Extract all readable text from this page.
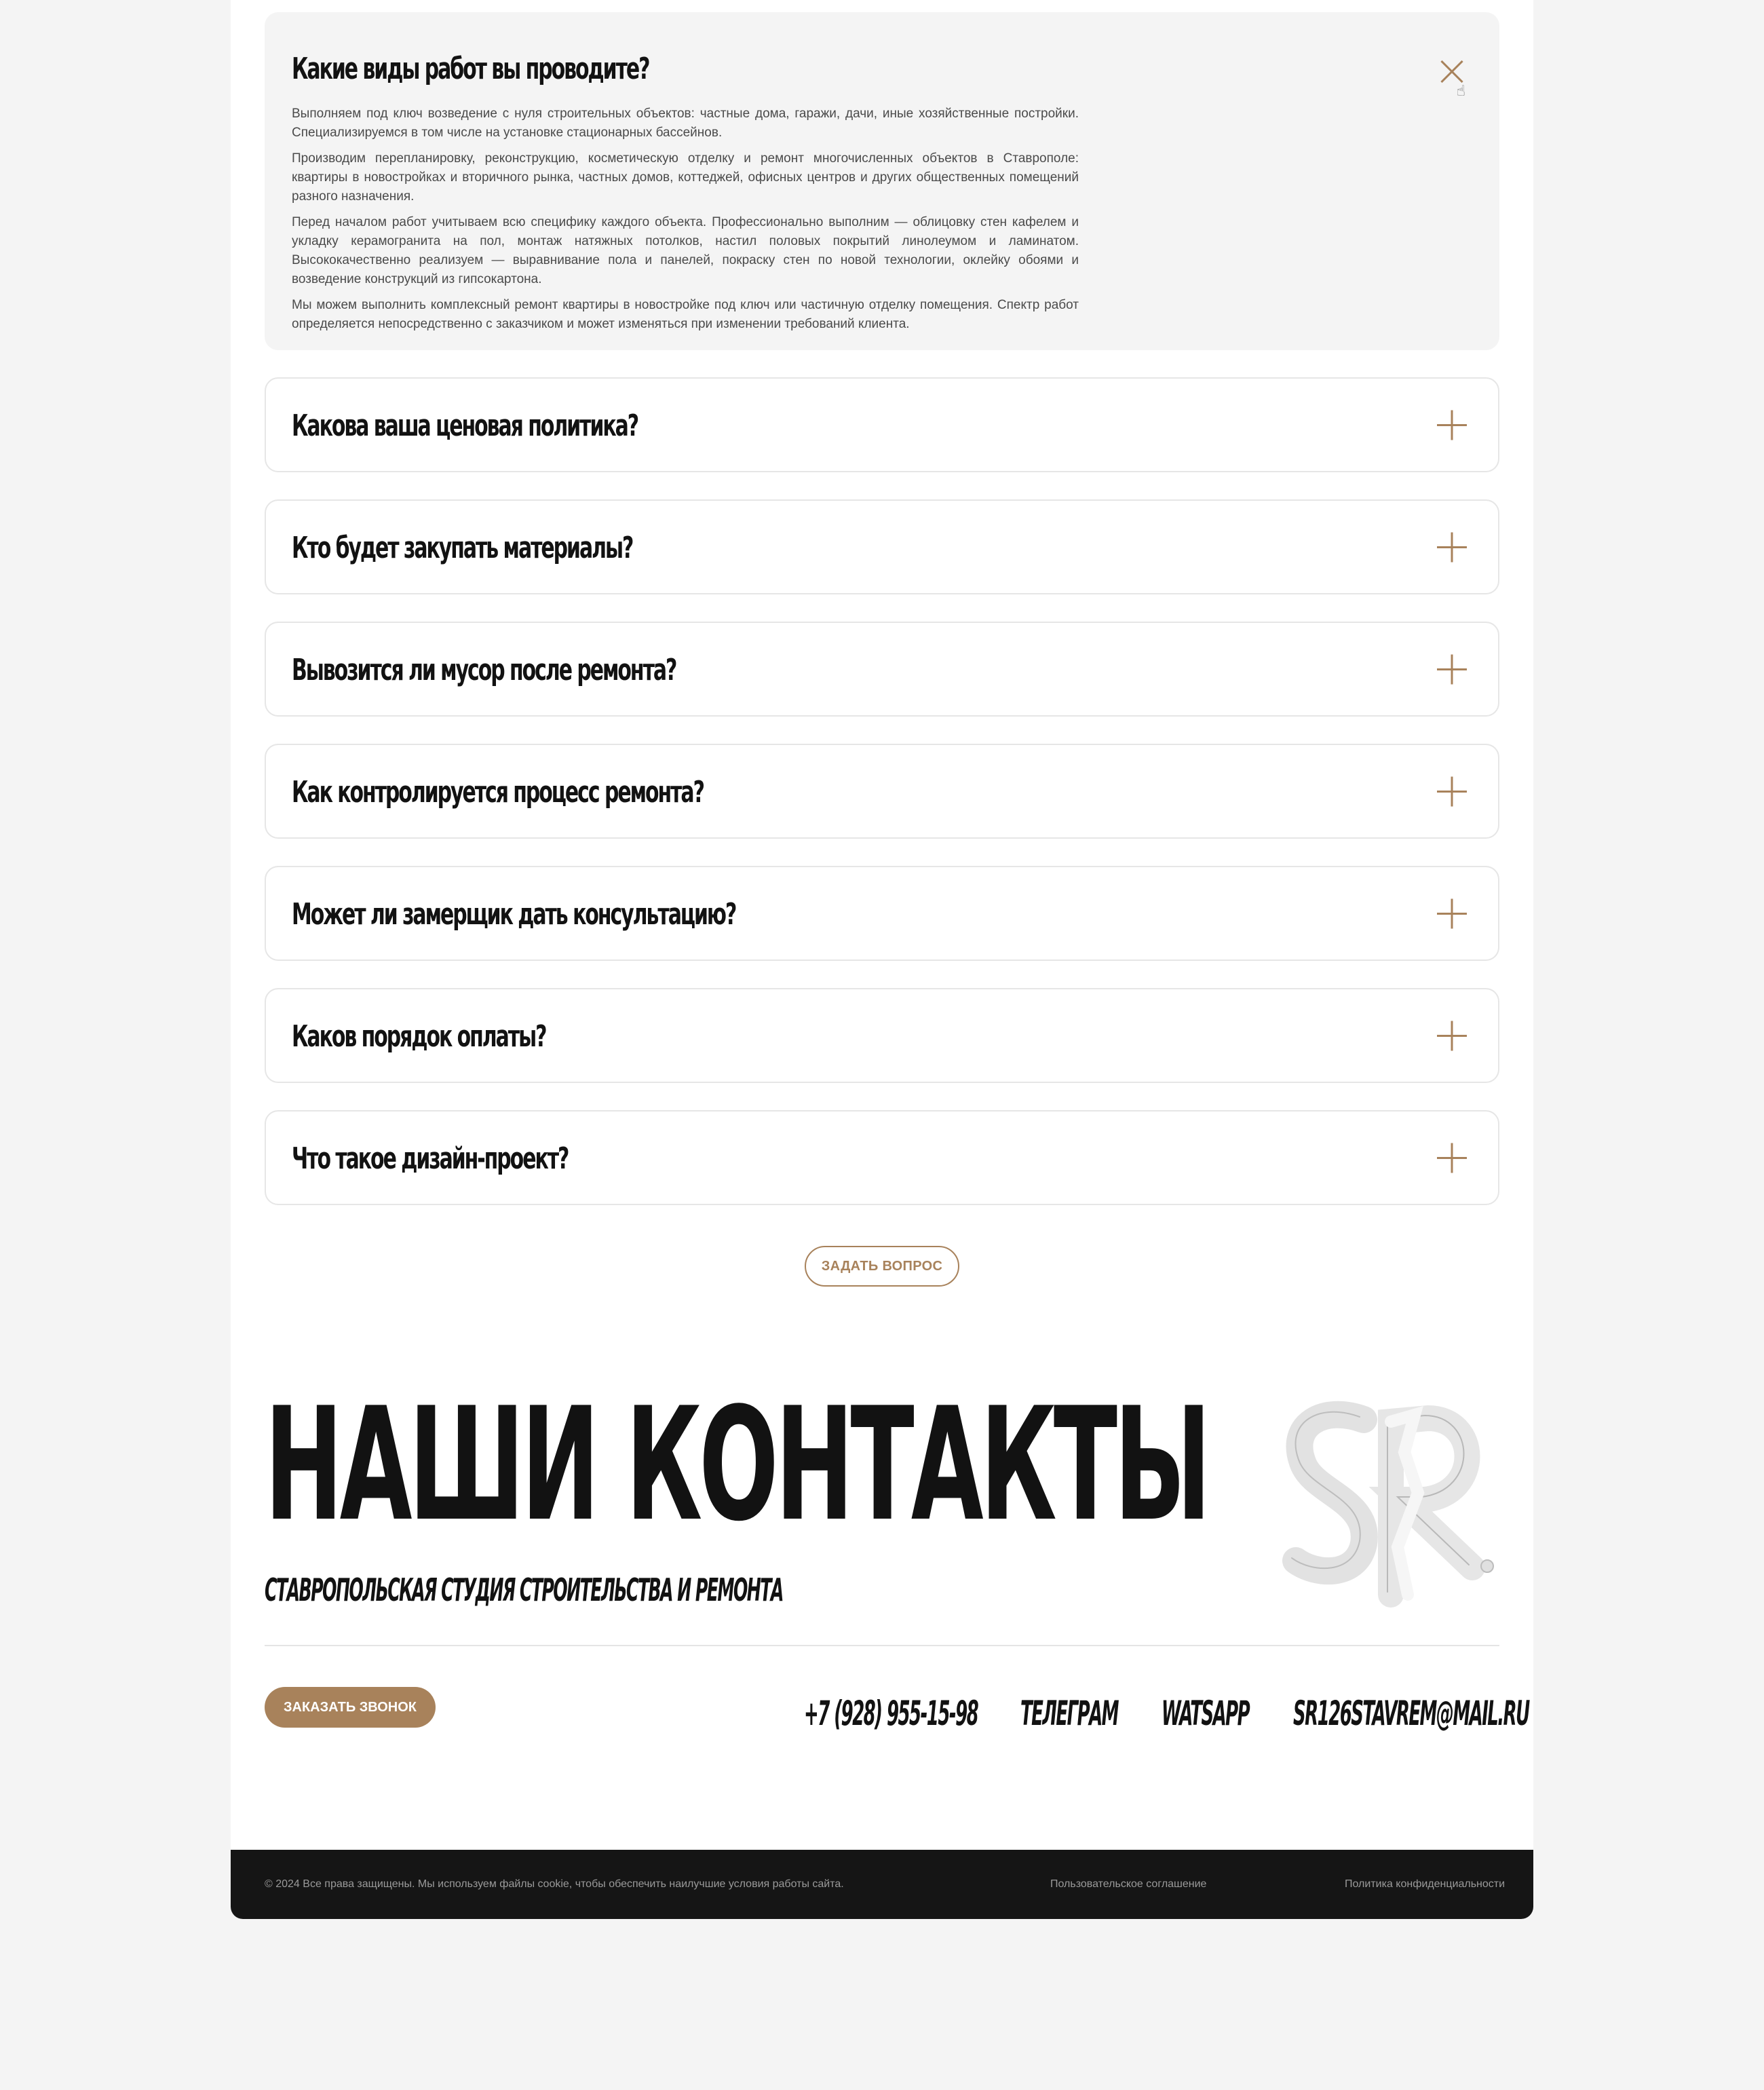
Какие виды работ вы проводите?
☝

Выполняем под ключ возведение с нуля строительных объектов: частные дома, гаражи, дачи, иные хозяйственные постройки. Специализируемся в том числе на установке стационарных бассейнов.

Производим перепланировку, реконструкцию, косметическую отделку и ремонт многочисленных объектов в Ставрополе: квартиры в новостройках и вторичного рынка, частных домов, коттеджей, офисных центров и других общественных помещений разного назначения.

Перед началом работ учитываем всю специфику каждого объекта. Профессионально выполним — облицовку стен кафелем и укладку керамогранита на пол, монтаж натяжных потолков, настил половых покрытий линолеумом и ламинатом. Высококачественно реализуем — выравнивание пола и панелей, покраску стен по новой технологии, оклейку обоями и возведение конструкций из гипсокартона.

Мы можем выполнить комплексный ремонт квартиры в новостройке под ключ или частичную отделку помещения. Спектр работ определяется непосредственно с заказчиком и может изменяться при изменении требований клиента.

Какова ваша ценовая политика?
Кто будет закупать материалы?
Вывозится ли мусор после ремонта?
Как контролируется процесс ремонта?
Может ли замерщик дать консультацию?
Каков порядок оплаты?
Что такое дизайн-проект?
ЗАДАТЬ ВОПРОС
НАШИ КОНТАКТЫ
СТАВРОПОЛЬСКАЯ СТУДИЯ СТРОИТЕЛЬСТВА И РЕМОНТА
ЗАКАЗАТЬ ЗВОНОК	+7 (928) 955-15-98 ТЕЛЕГРАМ WATSAPP SR126STAVREM@MAIL.RU
© 2024 Все права защищены. Мы используем файлы cookie, чтобы обеспечить наилучшие условия работы сайта.	Пользовательское соглашение	Политика конфиденциальности
